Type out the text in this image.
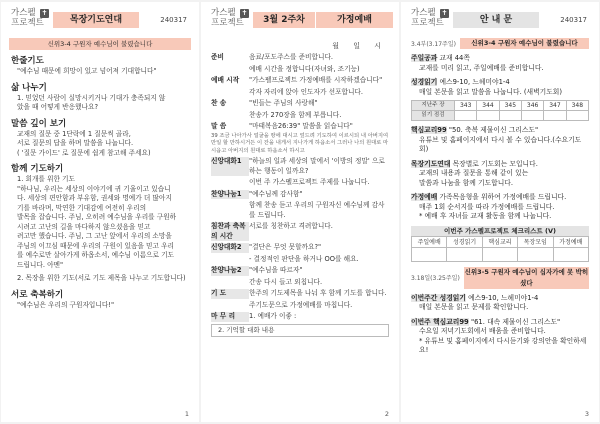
가스펠
프로젝트
✝
목장기도연대	240317
신위3-4 구원자 예수님이 불렸습니다
한줄기도
"예수님 때문에 희망이 있고 넘어져 기대합니다"
삶 나누기
1. 믿었던 사람이 실망시키거나 기대가 충족되지 않
았을 때 어떻게 반응했나요?
말씀 깊이 보기
교재의 질문 중 1단락에 1 질문씩 골라,
서로 질문의 답을 하며 말씀을 나눕니다.
( '질문 가이드' 로 질문에 쉽게 참고해 주세요)
함께 기도하기
1. 회개를 위한 기도
"하나님, 우리는 세상의 이야기에 귀 기울이고 있습니
다. 세상의 편안함과 부유함, 권세와 명예가 더 많아지
기를 바라며, 막연한 기대감에 여전히 우리의
발목을 잡습니다. 주님, 오히려 예수님을 우리를 구원하
시려고 고난의 길을 마다하지 않으셨음을 믿고
려고만 했습니다. 주님, 그 고난 앞에서 우리의 소망을
주님의 이끄심 때문에 우리의 구원이 있음을 믿고 우리
를 예수로만 살아가게 하옵소서, 예수님 이름으로 기도
드립니다. 아멘"
2. 목장을 위한 기도(서로 기도 제목을 나누고 기도합니다)
서로 축복하기
"예수님은 우리의 구원자입니다!"
1
가스펠
프로젝트
✝
3월 2주차	가정예배
월 일 시
준비	음료/포도주스를 준비합니다.
예배 시간을 정합니다(자녀와, 조기능)
예배 시작	"가스펠프로젝트 가정예배를 시작하겠습니다"
각자 자리에 앉아 인도자가 선포합니다.
찬 송	"빈들는 주님의 사랑해"
찬송가 270장을 함께 부릅니다.
말 씀	"마태복음26:39" 말씀을 읽습니다"
39 조금 나아가사 얼굴을 땅에 대시고 엎드려 기도하여 이르시되 내 아버지여 만일 할 만하시거든 이 잔을 내게서 지나가게 하옵소서 그러나 나의 원대로 마시옵고 아버지의 원대로 하옵소서 하시고
신앙대화1	"하늘의 일과 세상의 말에서 '이방의 정말' 으로 하는 행동이 일까요?
이번 주 가스펠프로젝트 주제를 나눕니다.
찬양나눔1	"예수님께 감사함"
함께 찬송 듣고 우리의 구원자신 예수님께 감사를 드립니다.
침찬과 축복의 시간
서로를 칭찬하고 격려합니다.
신앙대화2	"결단은 무엇 못할까요?"
- 결정적인 판단을 하거나 OO를 해요.
찬양나눔2	"예수님을 따르자"
간송 다시 들고 외칩니다.
기 도	한주의 기도제목을 나눠 후 함께 기도를 합니다.
주기도문으로 가정예배를 마칩니다.
마 무 리	1. 예배가 이좋 :
2. 기억할 대화 내용
2
가스펠
프로젝트
✝
안 내 문	240317
3.4부(3.17주일)	신위3-4 구원자 예수님이 불렸습니다
주일공과 교재 44쪽
교재를 미리 읽고, 주일예배를 준비합니다.
성경읽기 예스9-10, 느헤미야1-4
매일 본문을 읽고 말씀을 나눕니다. (새벽기도회)
지난주 장	343	344	345	346	347	348
읽기 점검						
핵심교리99 "50. 축복 제물이신 그리스도"
유튜브 및 홈페이지에서 다시 볼 수 있습니다.(수요기도회)
목장기도연대 목장별로 기도회는 모입니다.
교재의 내용과 질문을 통해 같이 있는
말씀과 나눔을 함께 기도합니다.
가정예배 가족목음형을 위하여 가정예배를 드립니다.
매주 1회 순서지를 따라 가정예배를 드립니다.
* 예배 후 자녀들 교재 활동을 함께 나눕니다.
이번주 가스펠프로젝트 체크리스트 (V)
주일예배	성경읽기	핵심교리	목장모임	가정예배

3.18일(3.25주일)
신위3-5 구원자 예수님이 십자가에 못 박히셨다
이번주간 성경읽기 예스9-10, 느헤미야1-4
매일 본문을 읽고 문제를 확인합니다.
이번주 핵심교리99 "61. 대속 제물이신 그리스도"
수요일 저녁기도회에서 배움을 준비합니다.
* 유튜브 및 홈페이지에서 다시듣기와 강의안을 확인하세요!
3
